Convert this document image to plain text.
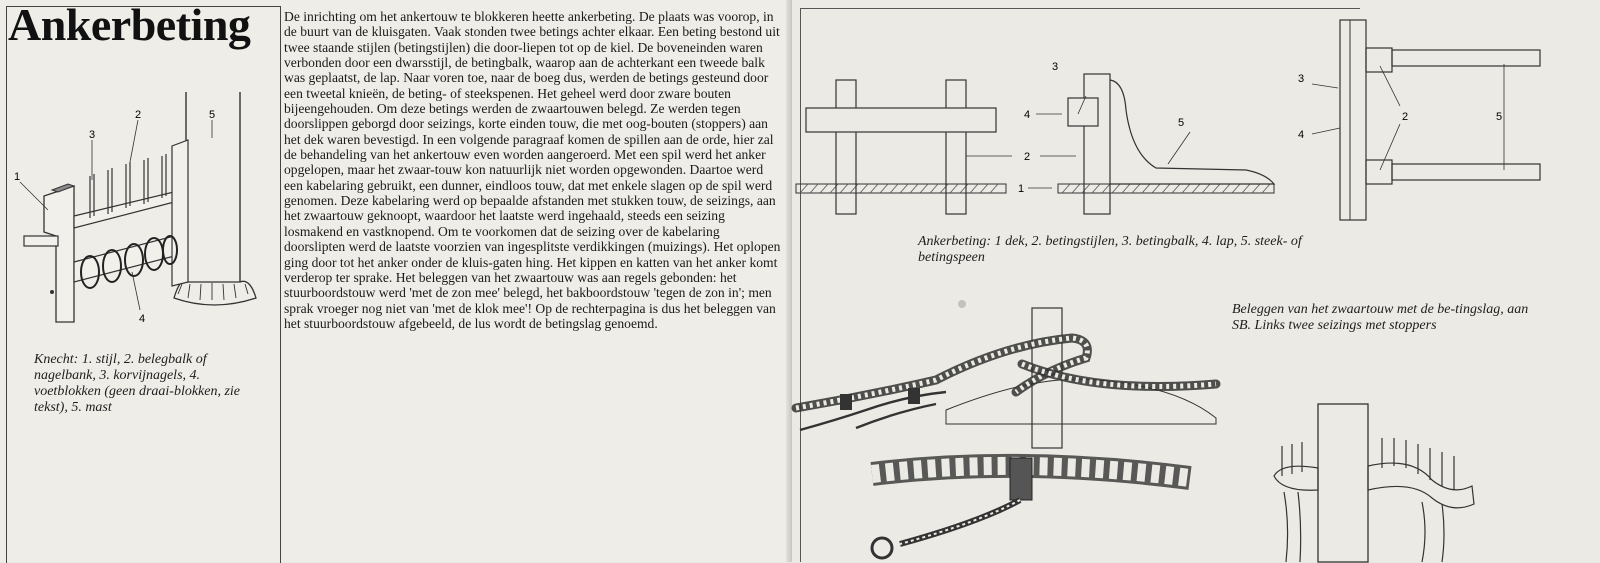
Ankerbeting
1
2
3
4
5

Knecht: 1. stijl, 2. belegbalk of nagelbank, 3. korvijnagels, 4. voetblokken (geen draai-blokken, zie tekst), 5. mast

De inrichting om het ankertouw te blokkeren heette ankerbeting. De plaats was voorop, in de buurt van de kluisgaten. Vaak stonden twee betings achter elkaar. Een beting bestond uit twee staande stijlen (betingstijlen) die door-liepen tot op de kiel. De boveneinden waren verbonden door een dwarsstijl, de betingbalk, waarop aan de achterkant een tweede balk was geplaatst, de lap. Naar voren toe, naar de boeg dus, werden de betings gesteund door een tweetal knieën, de beting- of steekspenen. Het geheel werd door zware bouten bijeengehouden. Om deze betings werden de zwaartouwen belegd. Ze werden tegen doorslippen geborgd door seizings, korte einden touw, die met oog-bouten (stoppers) aan het dek waren bevestigd. In een volgende paragraaf komen de spillen aan de orde, hier zal de behandeling van het ankertouw even worden aangeroerd. Met een spil werd het anker opgelopen, maar het zwaar-touw kon natuurlijk niet worden opgewonden. Daartoe werd een kabelaring gebruikt, een dunner, eindloos touw, dat met enkele slagen op de spil werd genomen. Deze kabelaring werd op bepaalde afstanden met stukken touw, de seizings, aan het zwaartouw geknoopt, waardoor het laatste werd ingehaald, steeds een seizing losmakend en vastknopend. Om te voorkomen dat de seizing over de kabelaring doorslipten werd de laatste voorzien van ingesplitste verdikkingen (muizings). Het oplopen ging door tot het anker onder de kluis-gaten hing. Het kippen en katten van het anker komt verderop ter sprake. Het beleggen van het zwaartouw was aan regels gebonden: het stuurboordstouw werd 'met de zon mee' belegd, het bakboordstouw 'tegen de zon in'; men sprak vroeger nog niet van 'met de klok mee'! Op de rechterpagina is dus het beleggen van het stuurboordstouw afgebeeld, de lus wordt de betingslag genoemd.

4
3
5
2
1
3
4
2	5

Ankerbeting: 1 dek, 2. betingstijlen, 3. betingbalk, 4. lap, 5. steek- of betingspeen

Beleggen van het zwaartouw met de be-tingslag, aan SB. Links twee seizings met stoppers
